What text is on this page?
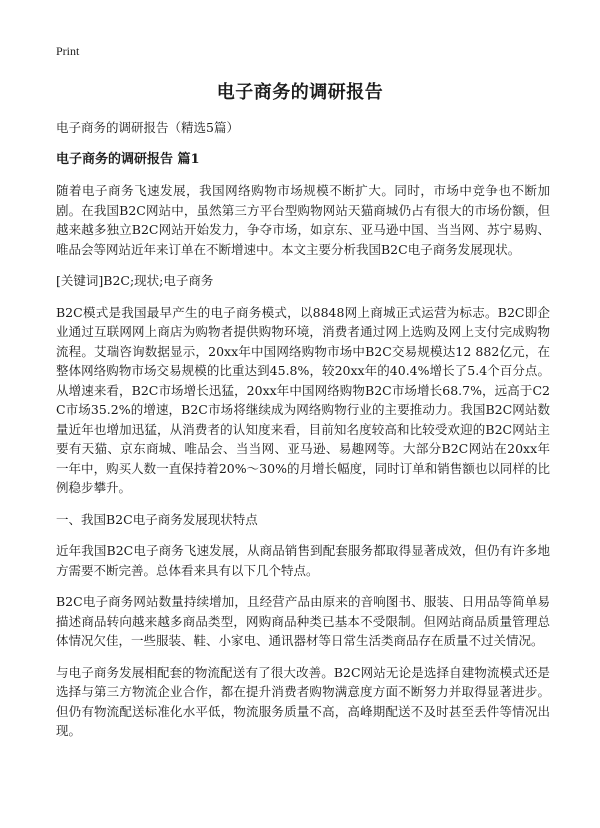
Print
电子商务的调研报告

电子商务的调研报告（精选5篇）

电子商务的调研报告 篇1

随着电子商务飞速发展，我国网络购物市场规模不断扩大。同时，市场中竞争也不断加剧。在我国B2C网站中，虽然第三方平台型购物网站天猫商城仍占有很大的市场份额，但越来越多独立B2C网站开始发力，争夺市场，如京东、亚马逊中国、当当网、苏宁易购、唯品会等网站近年来订单在不断增速中。本文主要分析我国B2C电子商务发展现状。

[关键词]B2C;现状;电子商务

B2C模式是我国最早产生的电子商务模式，以8848网上商城正式运营为标志。B2C即企业通过互联网网上商店为购物者提供购物环境，消费者通过网上选购及网上支付完成购物流程。艾瑞咨询数据显示，20xx年中国网络购物市场中B2C交易规模达12 882亿元，在整体网络购物市场交易规模的比重达到45.8%，较20xx年的40.4%增长了5.4个百分点。从增速来看，B2C市场增长迅猛，20xx年中国网络购物B2C市场增长68.7%，远高于C2C市场35.2%的增速，B2C市场将继续成为网络购物行业的主要推动力。我国B2C网站数量近年也增加迅猛，从消费者的认知度来看，目前知名度较高和比较受欢迎的B2C网站主要有天猫、京东商城、唯品会、当当网、亚马逊、易趣网等。大部分B2C网站在20xx年一年中，购买人数一直保持着20%～30%的月增长幅度，同时订单和销售额也以同样的比例稳步攀升。

一、我国B2C电子商务发展现状特点

近年我国B2C电子商务飞速发展，从商品销售到配套服务都取得显著成效，但仍有许多地方需要不断完善。总体看来具有以下几个特点。

B2C电子商务网站数量持续增加，且经营产品由原来的音响图书、服装、日用品等简单易描述商品转向越来越多商品类型，网购商品种类已基本不受限制。但网站商品质量管理总体情况欠佳，一些服装、鞋、小家电、通讯器材等日常生活类商品存在质量不过关情况。

与电子商务发展相配套的物流配送有了很大改善。B2C网站无论是选择自建物流模式还是选择与第三方物流企业合作，都在提升消费者购物满意度方面不断努力并取得显著进步。但仍有物流配送标准化水平低，物流服务质量不高，高峰期配送不及时甚至丢件等情况出现。
